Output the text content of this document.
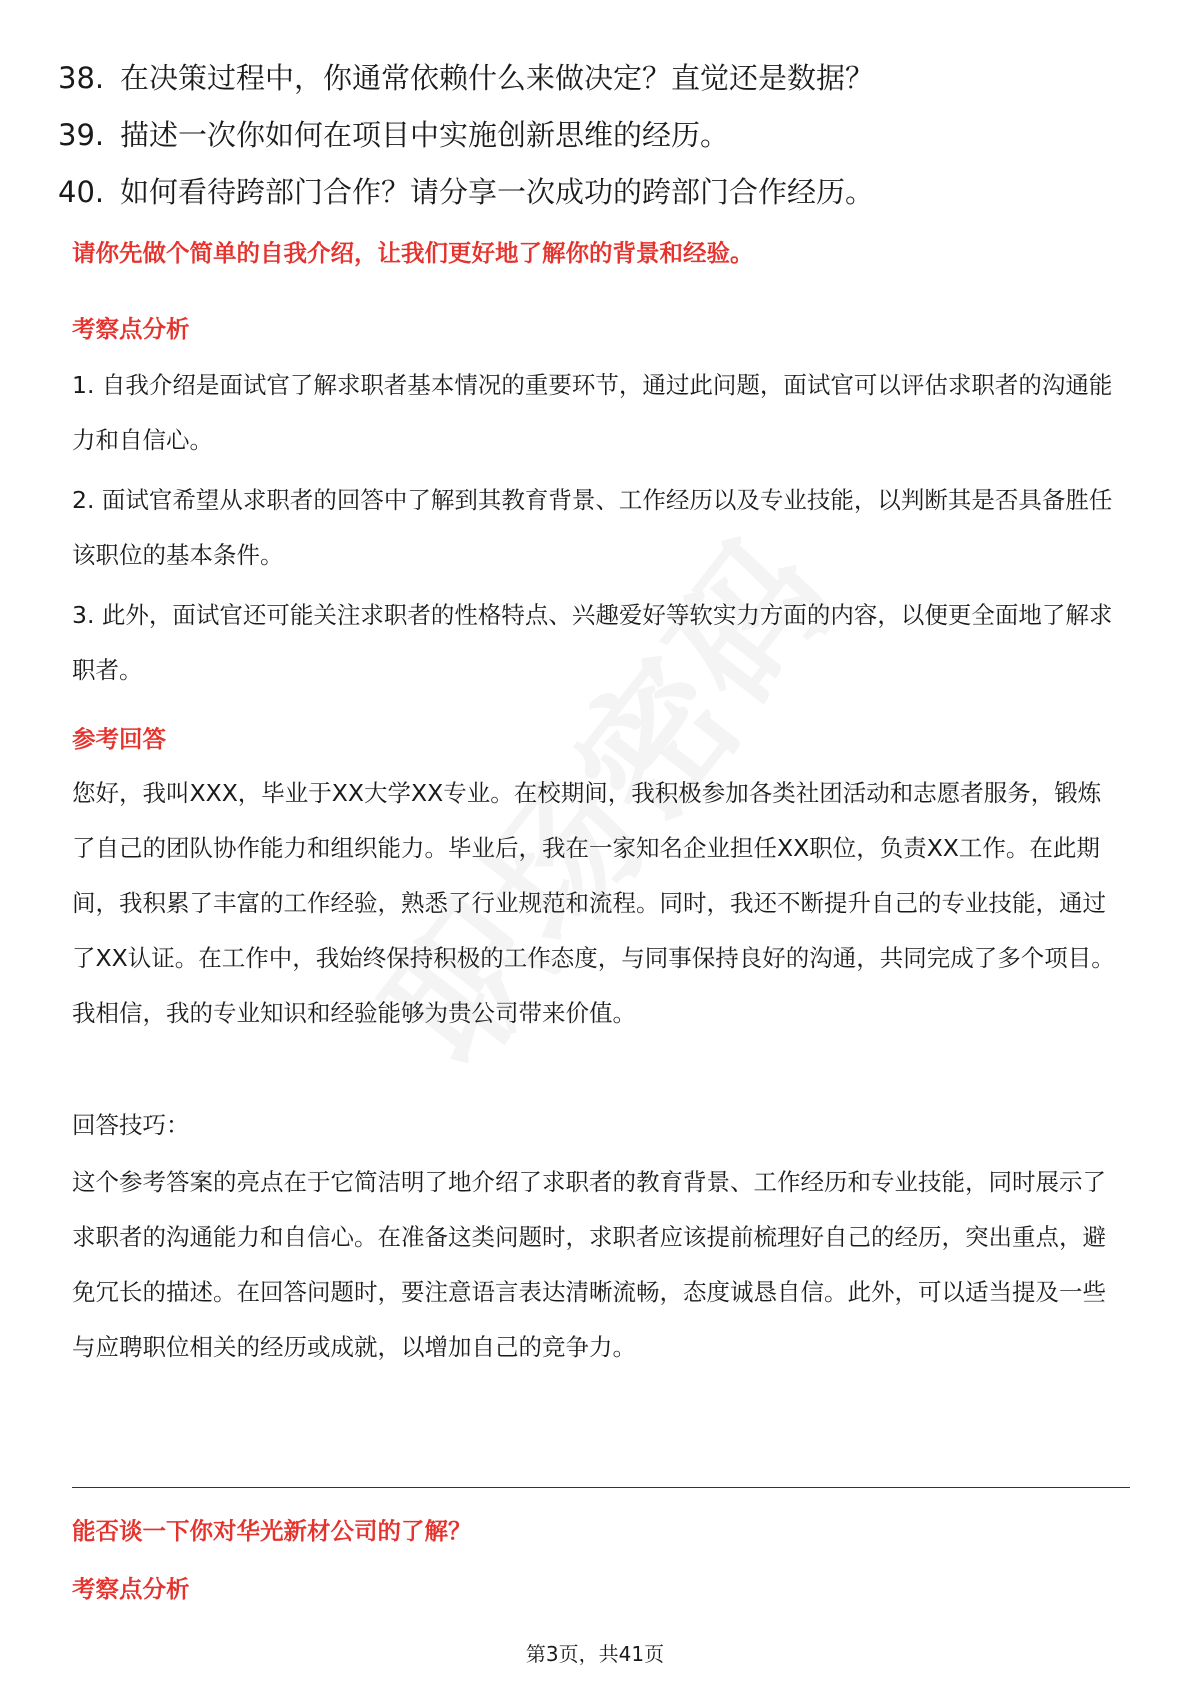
38. 在决策过程中，你通常依赖什么来做决定？直觉还是数据？
39. 描述一次你如何在项目中实施创新思维的经历。
40. 如何看待跨部门合作？请分享一次成功的跨部门合作经历。
请你先做个简单的自我介绍，让我们更好地了解你的背景和经验。
考察点分析
1. 自我介绍是面试官了解求职者基本情况的重要环节，通过此问题，面试官可以评估求职者的沟通能力和自信心。
2. 面试官希望从求职者的回答中了解到其教育背景、工作经历以及专业技能，以判断其是否具备胜任该职位的基本条件。
3. 此外，面试官还可能关注求职者的性格特点、兴趣爱好等软实力方面的内容，以便更全面地了解求职者。
参考回答
您好，我叫XXX，毕业于XX大学XX专业。在校期间，我积极参加各类社团活动和志愿者服务，锻炼了自己的团队协作能力和组织能力。毕业后，我在一家知名企业担任XX职位，负责XX工作。在此期间，我积累了丰富的工作经验，熟悉了行业规范和流程。同时，我还不断提升自己的专业技能，通过了XX认证。在工作中，我始终保持积极的工作态度，与同事保持良好的沟通，共同完成了多个项目。我相信，我的专业知识和经验能够为贵公司带来价值。
回答技巧：
这个参考答案的亮点在于它简洁明了地介绍了求职者的教育背景、工作经历和专业技能，同时展示了求职者的沟通能力和自信心。在准备这类问题时，求职者应该提前梳理好自己的经历，突出重点，避免冗长的描述。在回答问题时，要注意语言表达清晰流畅，态度诚恳自信。此外，可以适当提及一些与应聘职位相关的经历或成就，以增加自己的竞争力。
能否谈一下你对华光新材公司的了解？
考察点分析
第3页，共41页
